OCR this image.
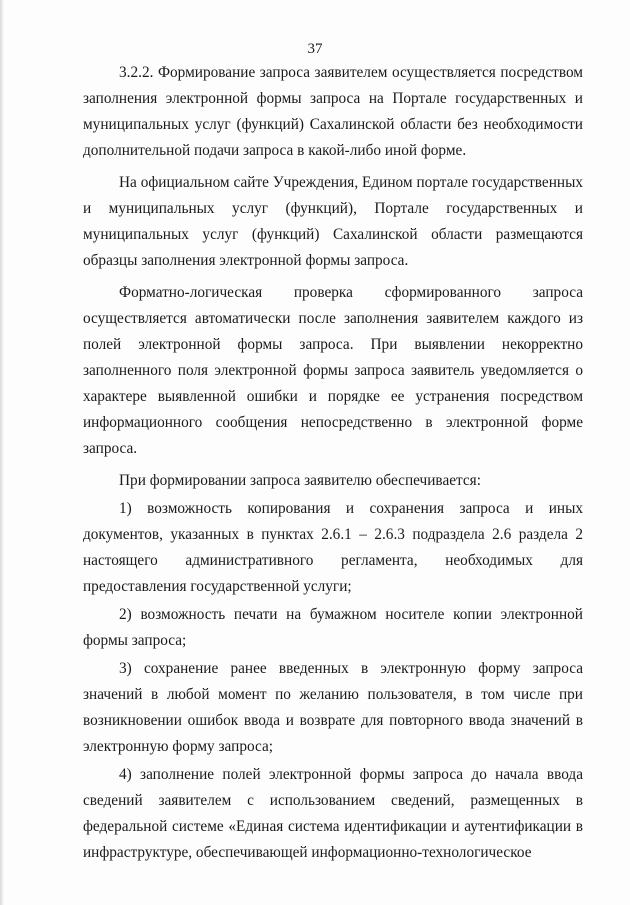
37

3.2.2. Формирование запроса заявителем осуществляется посредством заполнения электронной формы запроса на Портале государственных и муниципальных услуг (функций) Сахалинской области без необходимости дополнительной подачи запроса в какой-либо иной форме.

На официальном сайте Учреждения, Едином портале государственных и муниципальных услуг (функций), Портале государственных и муниципальных услуг (функций) Сахалинской области размещаются образцы заполнения электронной формы запроса.

Форматно-логическая проверка сформированного запроса осуществляется автоматически после заполнения заявителем каждого из полей электронной формы запроса. При выявлении некорректно заполненного поля электронной формы запроса заявитель уведомляется о характере выявленной ошибки и порядке ее устранения посредством информационного сообщения непосредственно в электронной форме запроса.

При формировании запроса заявителю обеспечивается:

1) возможность копирования и сохранения запроса и иных документов, указанных в пунктах 2.6.1 – 2.6.3 подраздела 2.6 раздела 2 настоящего административного регламента, необходимых для предоставления государственной услуги;

2) возможность печати на бумажном носителе копии электронной формы запроса;

3) сохранение ранее введенных в электронную форму запроса значений в любой момент по желанию пользователя, в том числе при возникновении ошибок ввода и возврате для повторного ввода значений в электронную форму запроса;

4) заполнение полей электронной формы запроса до начала ввода сведений заявителем с использованием сведений, размещенных в федеральной системе «Единая система идентификации и аутентификации в инфраструктуре, обеспечивающей информационно-технологическое
